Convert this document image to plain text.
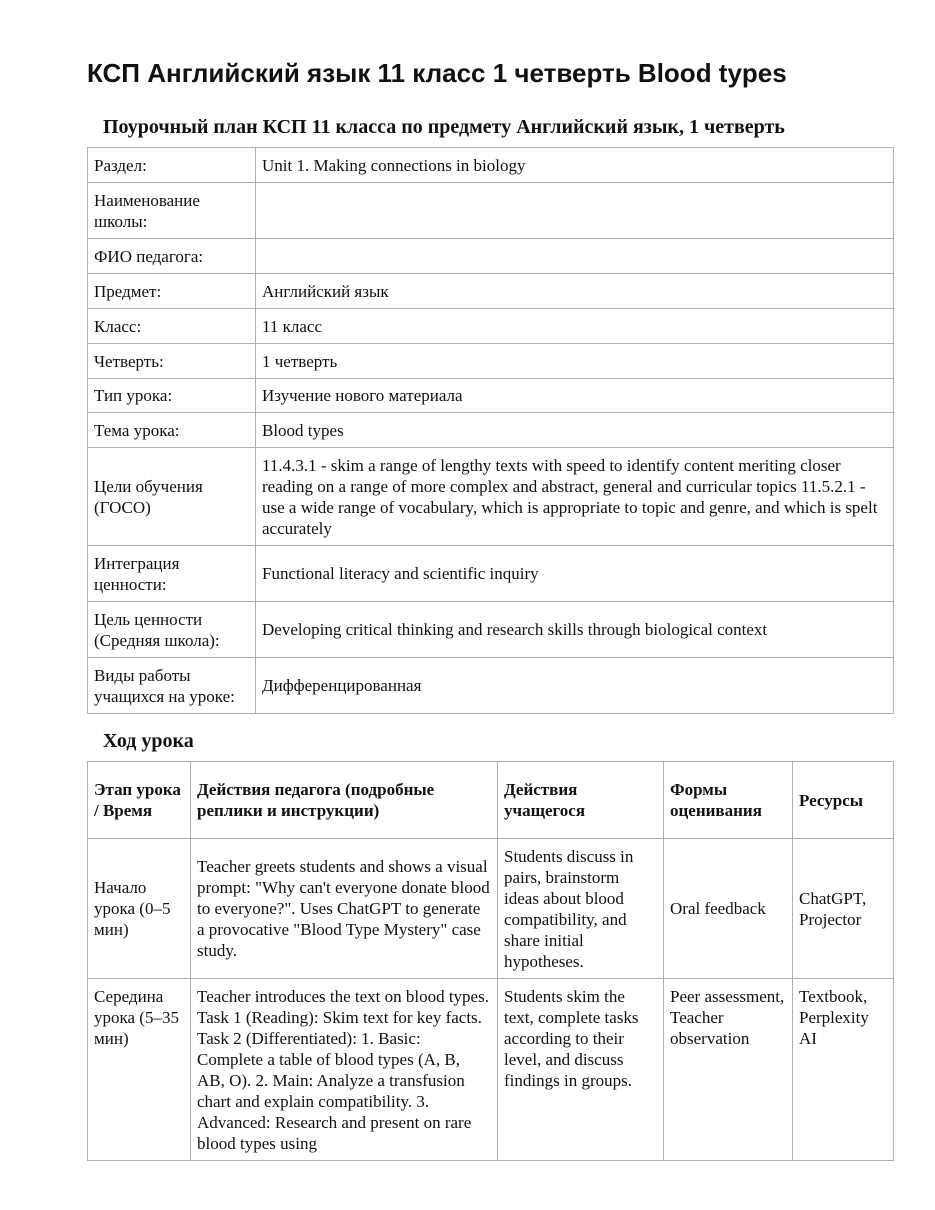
КСП Английский язык 11 класс 1 четверть Blood types
Поурочный план КСП 11 класса по предмету Английский язык, 1 четверть
Раздел:	Unit 1. Making connections in biology
Наименование школы:	
ФИО педагога:	
Предмет:	Английский язык
Класс:	11 класс
Четверть:	1 четверть
Тип урока:	Изучение нового материала
Тема урока:	Blood types
Цели обучения (ГОСО)	11.4.3.1 - skim a range of lengthy texts with speed to identify content meriting closer reading on a range of more complex and abstract, general and curricular topics 11.5.2.1 - use a wide range of vocabulary, which is appropriate to topic and genre, and which is spelt accurately
Интеграция ценности:	Functional literacy and scientific inquiry
Цель ценности (Средняя школа):	Developing critical thinking and research skills through biological context
Виды работы учащихся на уроке:	Дифференцированная
Ход урока
Этап урока / Время	Действия педагога (подробные реплики и инструкции)	Действия учащегося	Формы оценивания	Ресурсы
Начало урока (0–5 мин)	Teacher greets students and shows a visual prompt: "Why can't everyone donate blood to everyone?". Uses ChatGPT to generate a provocative "Blood Type Mystery" case study.	Students discuss in pairs, brainstorm ideas about blood compatibility, and share initial hypotheses.	Oral feedback	ChatGPT, Projector
Середина урока (5–35 мин)	Teacher introduces the text on blood types. Task 1 (Reading): Skim text for key facts. Task 2 (Differentiated): 1. Basic: Complete a table of blood types (A, B, AB, O). 2. Main: Analyze a transfusion chart and explain compatibility. 3. Advanced: Research and present on rare blood types using	Students skim the text, complete tasks according to their level, and discuss findings in groups.	Peer assessment, Teacher observation	Textbook, Perplexity AI
